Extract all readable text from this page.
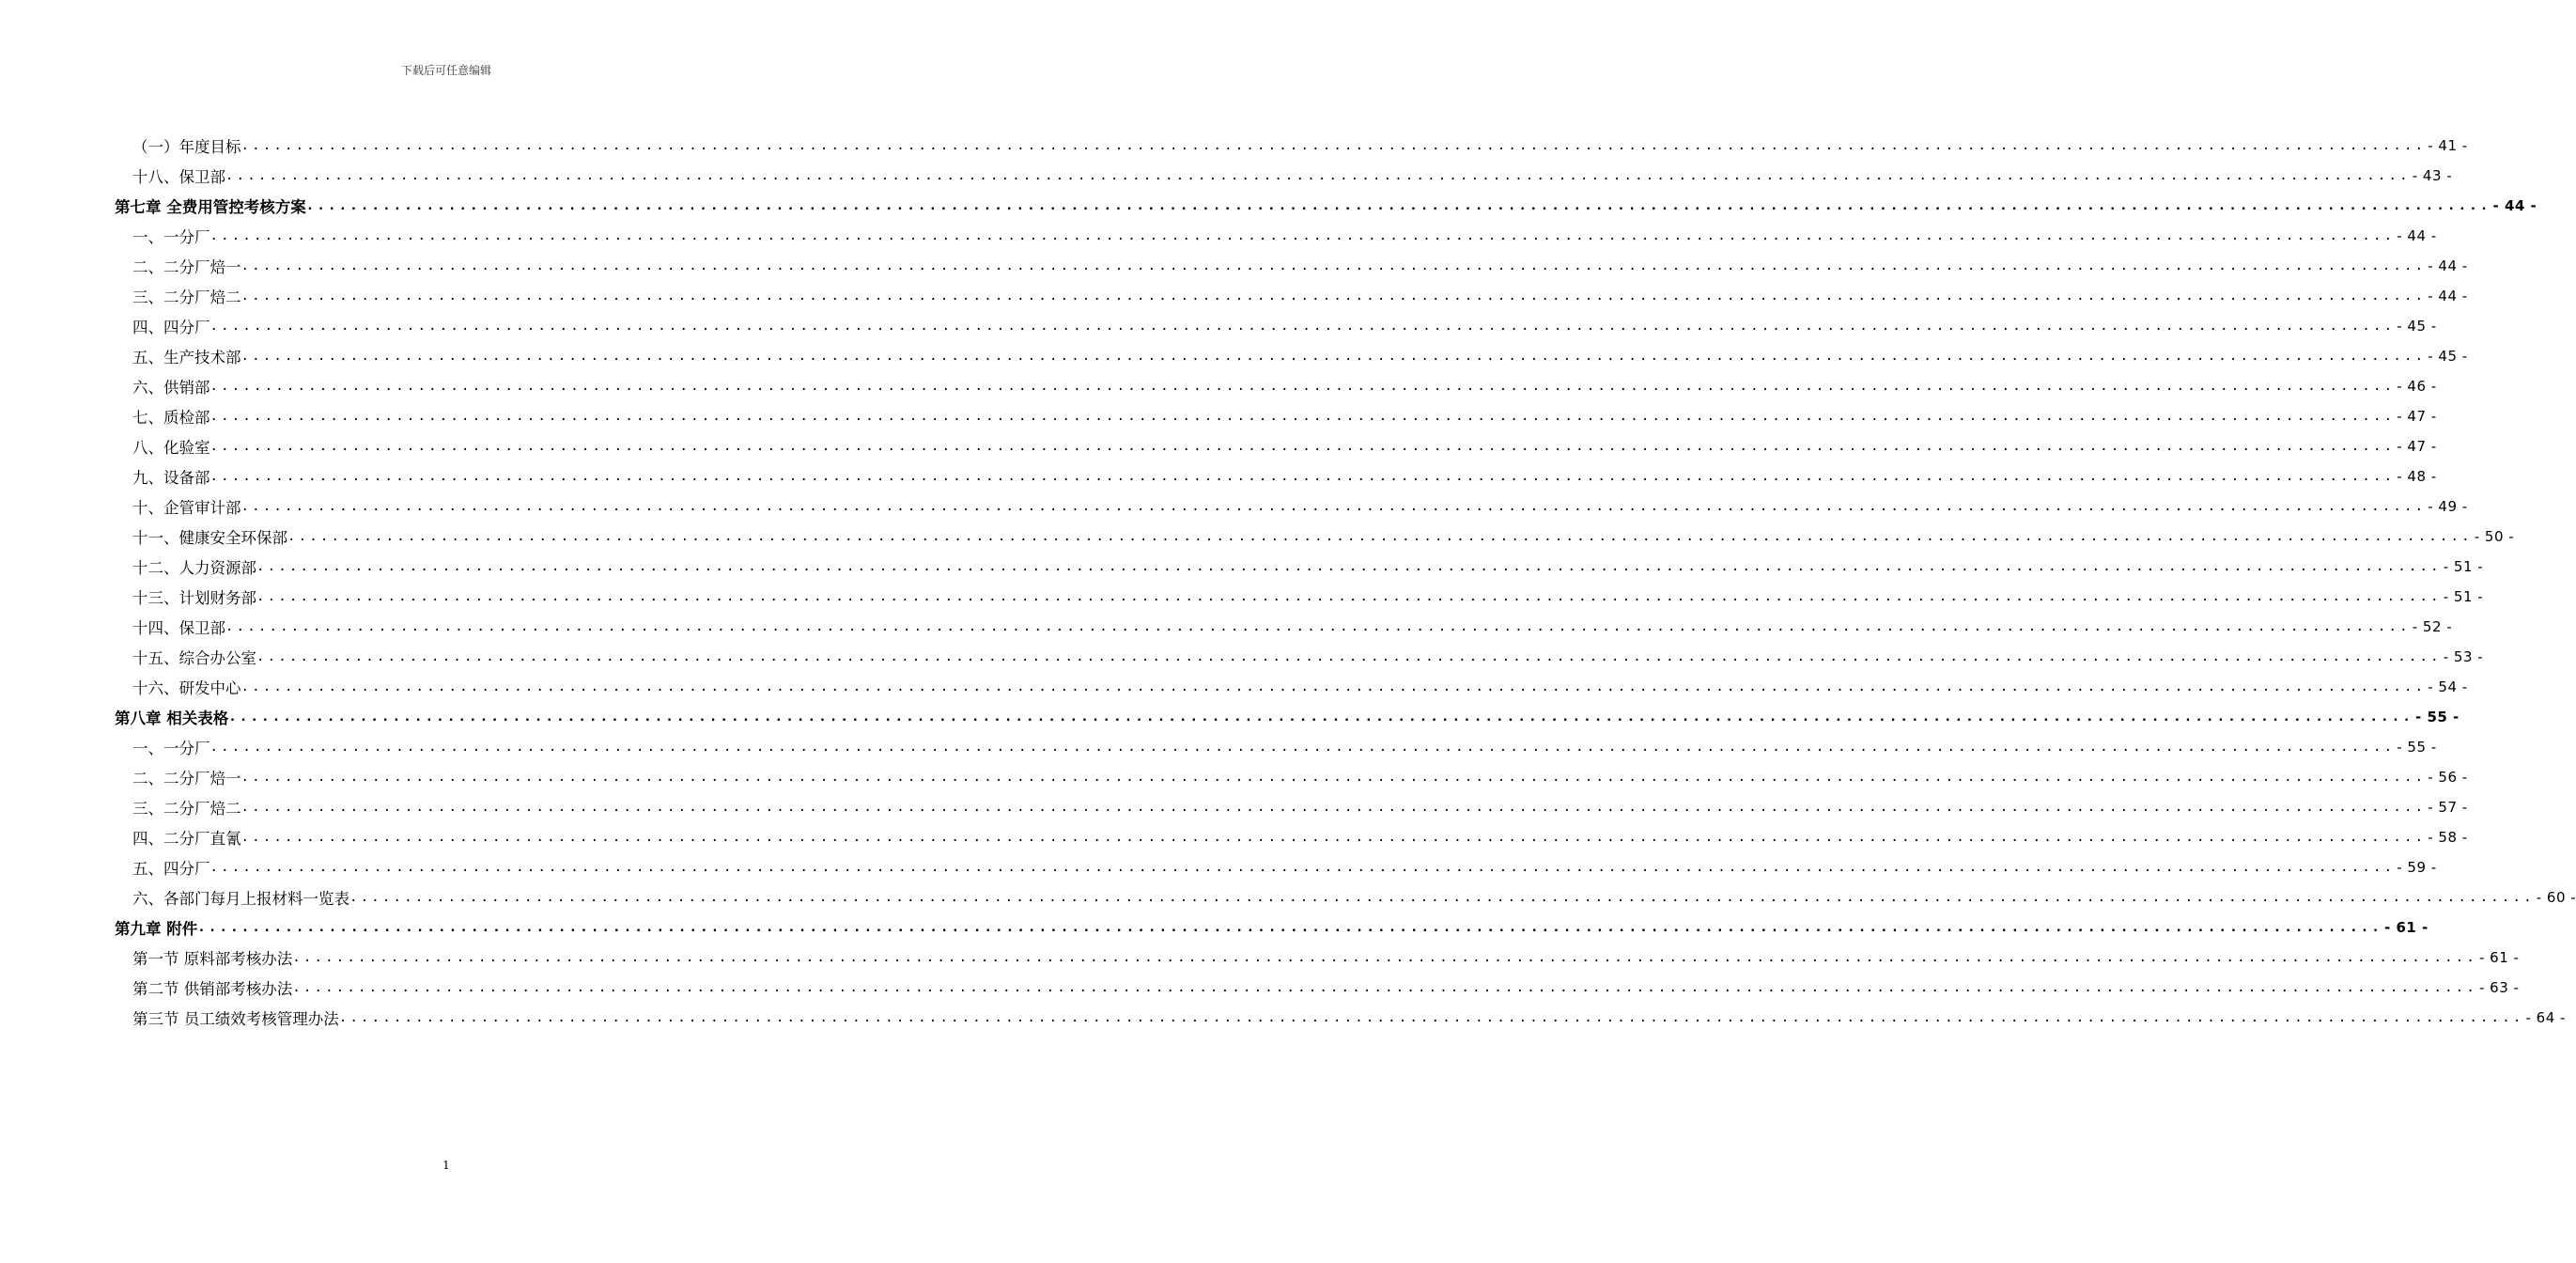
下载后可任意编辑
（一）年度目标 ........................................................................................................................................................................................................ - 41 -
十八、保卫部 ........................................................................................................................................................................................................ - 43 -
第七章 全费用管控考核方案 ........................................................................................................................................................................................................ - 44 -
一、一分厂 ........................................................................................................................................................................................................ - 44 -
二、二分厂焙一 ........................................................................................................................................................................................................ - 44 -
三、二分厂焙二 ........................................................................................................................................................................................................ - 44 -
四、四分厂 ........................................................................................................................................................................................................ - 45 -
五、生产技术部 ........................................................................................................................................................................................................ - 45 -
六、供销部 ........................................................................................................................................................................................................ - 46 -
七、质检部 ........................................................................................................................................................................................................ - 47 -
八、化验室 ........................................................................................................................................................................................................ - 47 -
九、设备部 ........................................................................................................................................................................................................ - 48 -
十、企管审计部 ........................................................................................................................................................................................................ - 49 -
十一、健康安全环保部 ........................................................................................................................................................................................................ - 50 -
十二、人力资源部 ........................................................................................................................................................................................................ - 51 -
十三、计划财务部 ........................................................................................................................................................................................................ - 51 -
十四、保卫部 ........................................................................................................................................................................................................ - 52 -
十五、综合办公室 ........................................................................................................................................................................................................ - 53 -
十六、研发中心 ........................................................................................................................................................................................................ - 54 -
第八章 相关表格 ........................................................................................................................................................................................................ - 55 -
一、一分厂 ........................................................................................................................................................................................................ - 55 -
二、二分厂焙一 ........................................................................................................................................................................................................ - 56 -
三、二分厂焙二 ........................................................................................................................................................................................................ - 57 -
四、二分厂直氰 ........................................................................................................................................................................................................ - 58 -
五、四分厂 ........................................................................................................................................................................................................ - 59 -
六、各部门每月上报材料一览表 ........................................................................................................................................................................................................ - 60 -
第九章 附件 ........................................................................................................................................................................................................ - 61 -
第一节 原料部考核办法 ........................................................................................................................................................................................................ - 61 -
第二节 供销部考核办法 ........................................................................................................................................................................................................ - 63 -
第三节 员工绩效考核管理办法 ........................................................................................................................................................................................................ - 64 -
1
